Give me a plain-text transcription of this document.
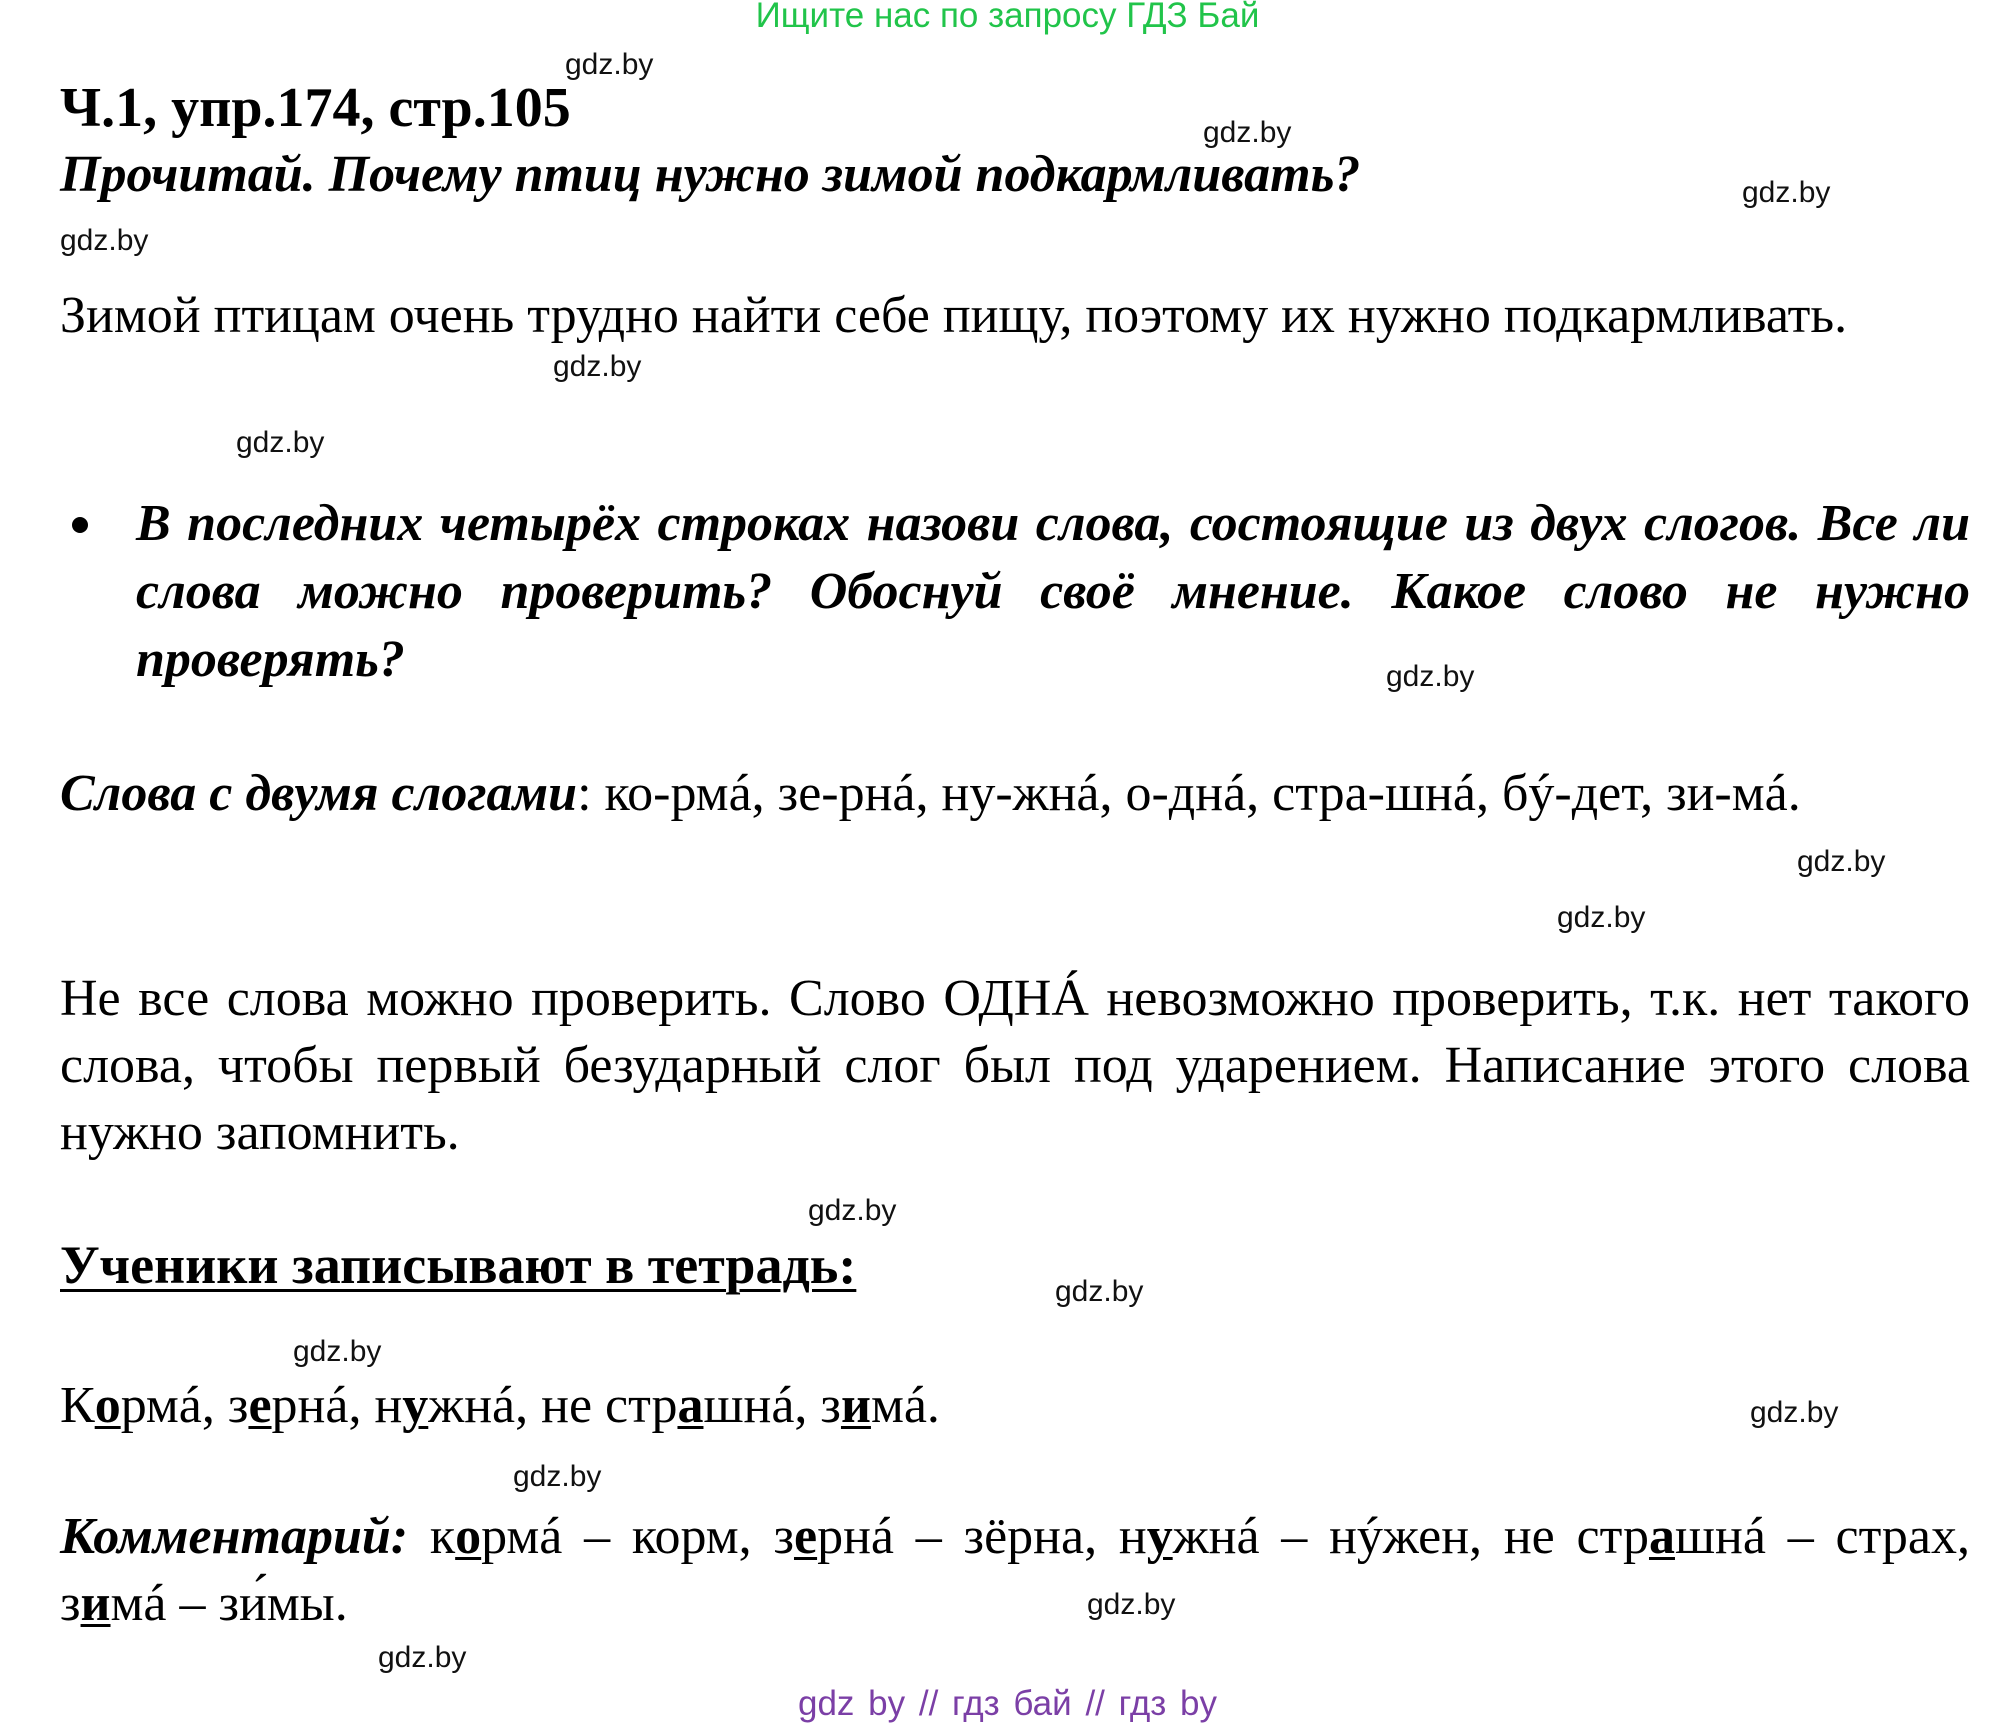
Ищите нас по запросу ГДЗ Бай
gdz.by
gdz.by
gdz.by
gdz.by
gdz.by
gdz.by
gdz.by
gdz.by
gdz.by
gdz.by
gdz.by
gdz.by
gdz.by
gdz.by
gdz.by
gdz.by
Ч.1, упр.174, стр.105
Прочитай. Почему птиц нужно зимой подкармливать?
Зимой птицам очень трудно найти себе пищу, поэтому их нужно подкармливать.
В последних четырёх строках назови слова, состоящие из двух слогов. Все ли слова можно проверить? Обоснуй своё мнение. Какое слово не нужно проверять?
Слова с двумя слогами: ко-рмá, зе-рнá, ну-жнá, о-днá, стра-шнá, бý-дет, зи-мá.
Не все слова можно проверить. Слово ОДНÁ невозможно проверить, т.к. нет такого слова, чтобы первый безударный слог был под ударением. Написание этого слова нужно запомнить.
Ученики записывают в тетрадь:
Кормá, зернá, нужнá, не страшнá, зимá.
Комментарий: кормá – корм, зернá – зёрна, нужнá – нýжен, не страшнá – страх, зимá – зи́мы.
gdz by // гдз бай // гдз by
